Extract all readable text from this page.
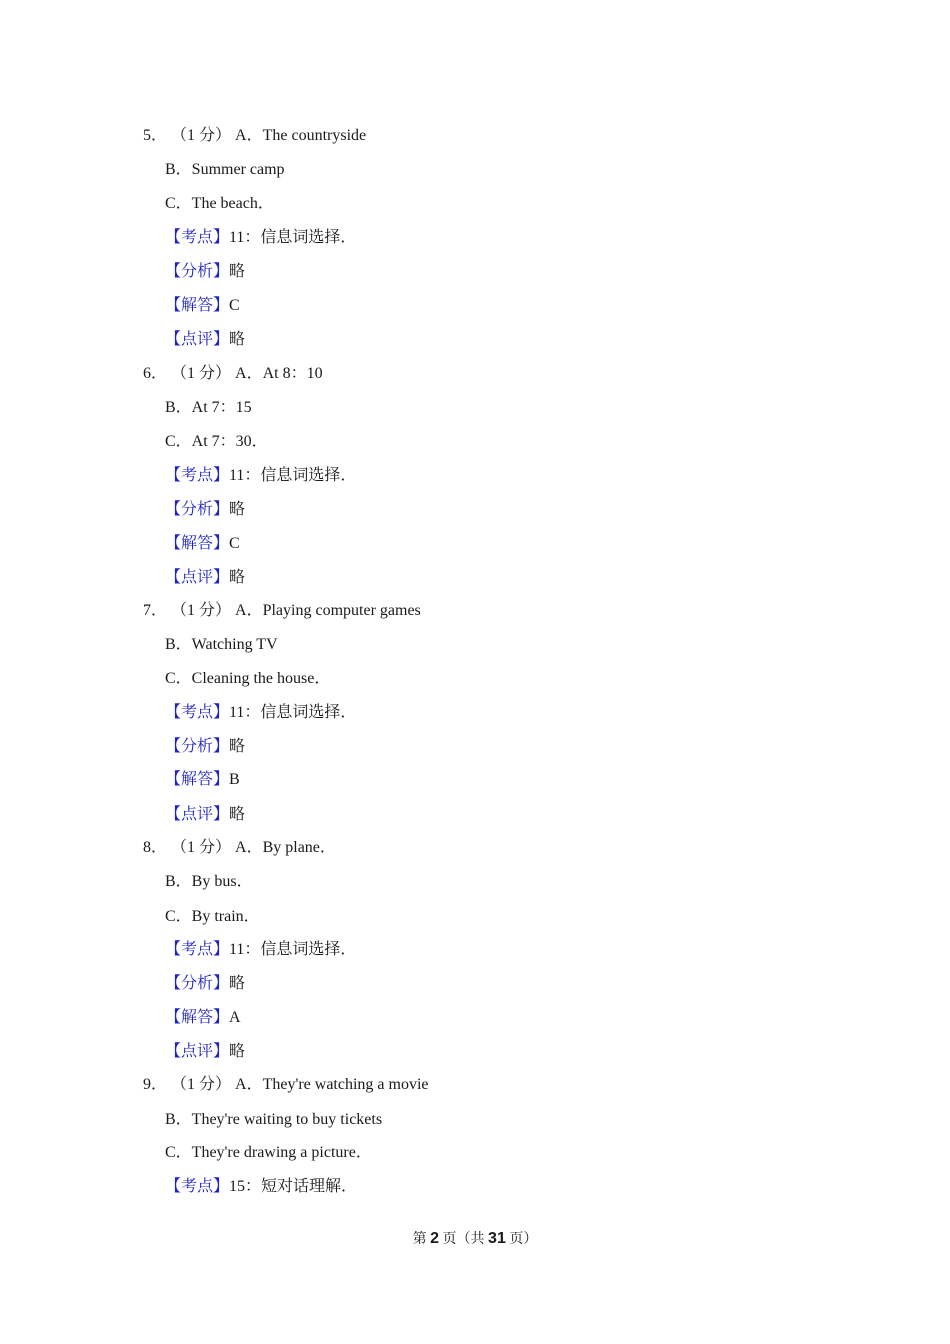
5． （1 分） A．The countryside
B．Summer camp
C．The beach．
【考点】11：信息词选择．
【分析】略
【解答】C
【点评】略
6． （1 分） A．At 8：10
B．At 7：15
C．At 7：30．
【考点】11：信息词选择．
【分析】略
【解答】C
【点评】略
7． （1 分） A．Playing computer games
B．Watching TV
C．Cleaning the house．
【考点】11：信息词选择．
【分析】略
【解答】B
【点评】略
8． （1 分） A．By plane．
B．By bus．
C．By train．
【考点】11：信息词选择．
【分析】略
【解答】A
【点评】略
9． （1 分） A．They're watching a movie
B．They're waiting to buy tickets
C．They're drawing a picture．
【考点】15：短对话理解．
第 2 页（共 31 页）
